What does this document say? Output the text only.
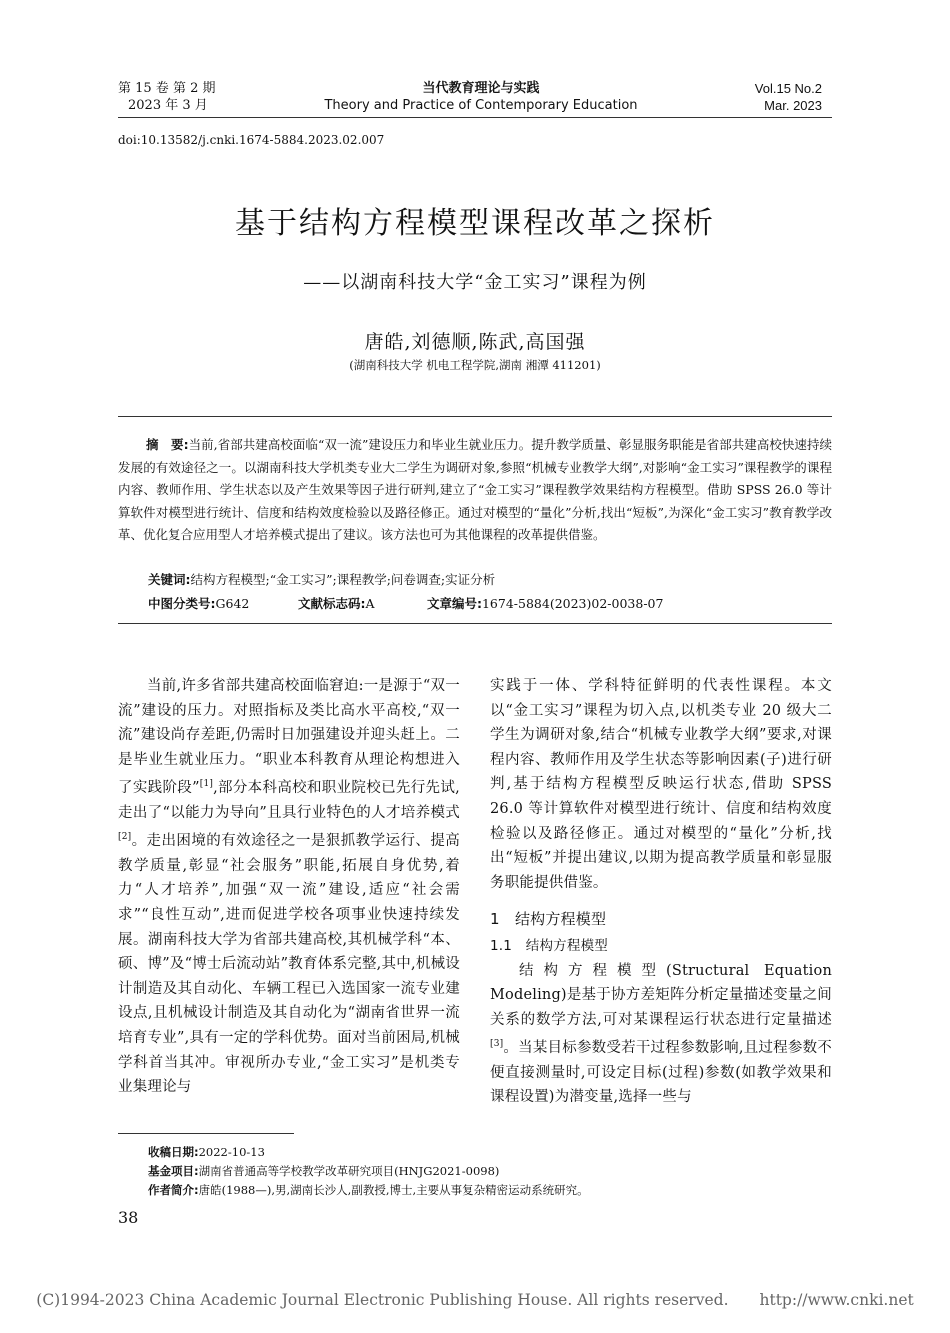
第 15 卷 第 2 期
2023 年 3 月
当代教育理论与实践
Theory and Practice of Contemporary Education
Vol.15 No.2
Mar. 2023
doi:10.13582/j.cnki.1674-5884.2023.02.007
基于结构方程模型课程改革之探析
——以湖南科技大学“金工实习”课程为例
唐皓,刘德顺,陈武,高国强
(湖南科技大学 机电工程学院,湖南 湘潭 411201)
摘　要:当前,省部共建高校面临“双一流”建设压力和毕业生就业压力。提升教学质量、彰显服务职能是省部共建高校快速持续发展的有效途径之一。以湖南科技大学机类专业大二学生为调研对象,参照“机械专业教学大纲”,对影响“金工实习”课程教学的课程内容、教师作用、学生状态以及产生效果等因子进行研判,建立了“金工实习”课程教学效果结构方程模型。借助 SPSS 26.0 等计算软件对模型进行统计、信度和结构效度检验以及路径修正。通过对模型的“量化”分析,找出“短板”,为深化“金工实习”教育教学改革、优化复合应用型人才培养模式提出了建议。该方法也可为其他课程的改革提供借鉴。
关键词:结构方程模型;“金工实习”;课程教学;问卷调查;实证分析
中图分类号:G642	文献标志码:A	文章编号:1674-5884(2023)02-0038-07

当前,许多省部共建高校面临窘迫:一是源于“双一流”建设的压力。对照指标及类比高水平高校,“双一流”建设尚存差距,仍需时日加强建设并迎头赶上。二是毕业生就业压力。“职业本科教育从理论构想进入了实践阶段”[1],部分本科高校和职业院校已先行先试,走出了“以能力为导向”且具行业特色的人才培养模式[2]。走出困境的有效途径之一是狠抓教学运行、提高教学质量,彰显“社会服务”职能,拓展自身优势,着力“人才培养”,加强“双一流”建设,适应“社会需求”“良性互动”,进而促进学校各项事业快速持续发展。湖南科技大学为省部共建高校,其机械学科“本、硕、博”及“博士后流动站”教育体系完整,其中,机械设计制造及其自动化、车辆工程已入选国家一流专业建设点,且机械设计制造及其自动化为“湖南省世界一流培育专业”,具有一定的学科优势。面对当前困局,机械学科首当其冲。审视所办专业,“金工实习”是机类专业集理论与

实践于一体、学科特征鲜明的代表性课程。本文以“金工实习”课程为切入点,以机类专业 20 级大二学生为调研对象,结合“机械专业教学大纲”要求,对课程内容、教师作用及学生状态等影响因素(子)进行研判,基于结构方程模型反映运行状态,借助 SPSS 26.0 等计算软件对模型进行统计、信度和结构效度检验以及路径修正。通过对模型的“量化”分析,找出“短板”并提出建议,以期为提高教学质量和彰显服务职能提供借鉴。

1　结构方程模型

1.1　结构方程模型

结构方程模型(Structural Equation Modeling)是基于协方差矩阵分析定量描述变量之间关系的数学方法,可对某课程运行状态进行定量描述[3]。当某目标参数受若干过程参数影响,且过程参数不便直接测量时,可设定目标(过程)参数(如教学效果和课程设置)为潜变量,选择一些与

收稿日期:2022-10-13
基金项目:湖南省普通高等学校教学改革研究项目(HNJG2021-0098)
作者简介:唐皓(1988—),男,湖南长沙人,副教授,博士,主要从事复杂精密运动系统研究。
38
(C)1994-2023 China Academic Journal Electronic Publishing House. All rights reserved.　　http://www.cnki.net
